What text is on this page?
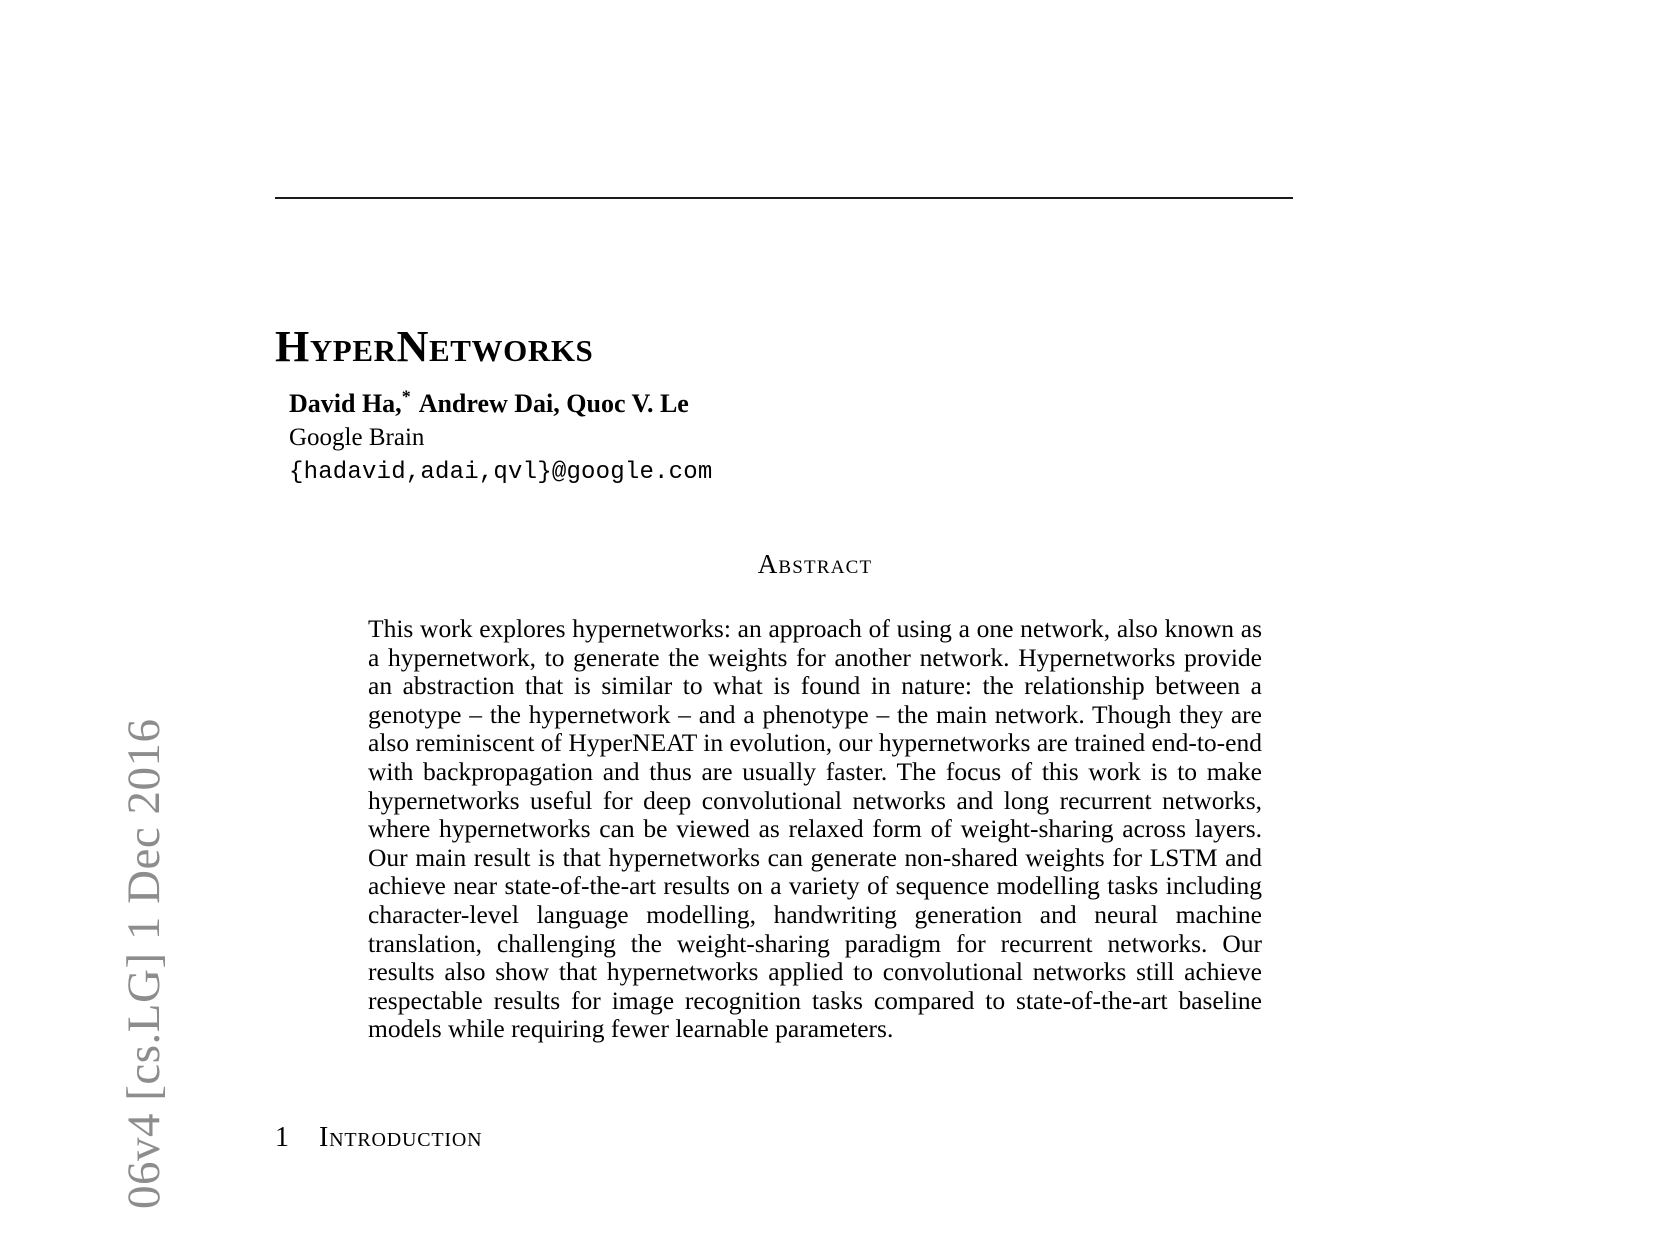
06v4 [cs.LG] 1 Dec 2016
HyperNetworks
David Ha,* Andrew Dai, Quoc V. Le
Google Brain
{hadavid,adai,qvl}@google.com
Abstract
This work explores hypernetworks: an approach of using a one network, also known as a hypernetwork, to generate the weights for another network. Hypernetworks provide an abstraction that is similar to what is found in nature: the relationship between a genotype – the hypernetwork – and a phenotype – the main network. Though they are also reminiscent of HyperNEAT in evolution, our hypernetworks are trained end-to-end with backpropagation and thus are usually faster. The focus of this work is to make hypernetworks useful for deep convolutional networks and long recurrent networks, where hypernetworks can be viewed as relaxed form of weight-sharing across layers. Our main result is that hypernetworks can generate non-shared weights for LSTM and achieve near state-of-the-art results on a variety of sequence modelling tasks including character-level language modelling, handwriting generation and neural machine translation, challenging the weight-sharing paradigm for recurrent networks. Our results also show that hypernetworks applied to convolutional networks still achieve respectable results for image recognition tasks compared to state-of-the-art baseline models while requiring fewer learnable parameters.
1 Introduction
